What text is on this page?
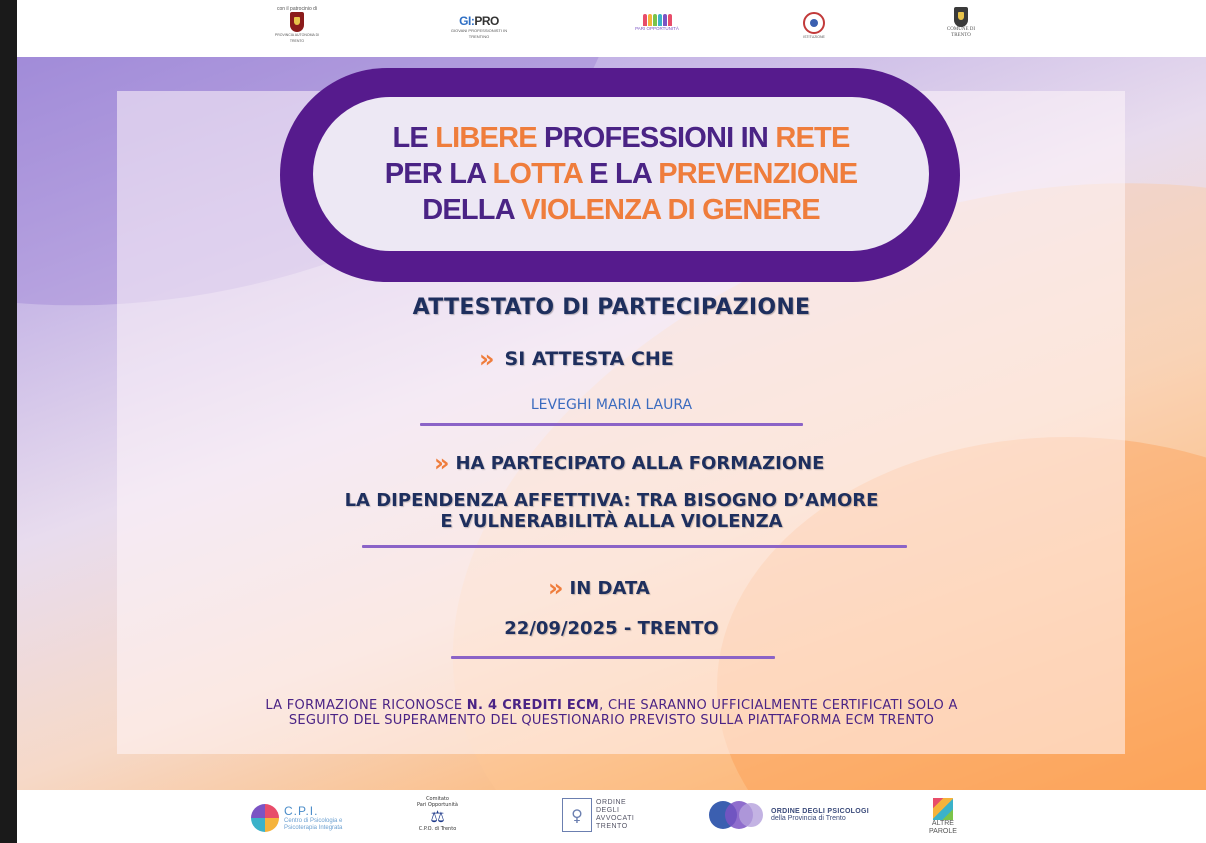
con il patrocinio di
PROVINCIA AUTONOMA DI TRENTO
GI:PRO
GIOVANI PROFESSIONISTI IN TRENTINO
PARI OPPORTUNITÀ
ISTITUZIONE
COMUNE DI TRENTO
LE LIBERE PROFESSIONI IN RETE
PER LA LOTTA E LA PREVENZIONE
DELLA VIOLENZA DI GENERE
ATTESTATO DI PARTECIPAZIONE
» SI ATTESTA CHE
LEVEGHI MARIA LAURA
» HA PARTECIPATO ALLA FORMAZIONE
LA DIPENDENZA AFFETTIVA: TRA BISOGNO D’AMORE
E VULNERABILITÀ ALLA VIOLENZA
» IN DATA
22/09/2025 - TRENTO
LA FORMAZIONE RICONOSCE N. 4 CREDITI ECM, CHE SARANNO UFFICIALMENTE CERTIFICATI SOLO A
SEGUITO DEL SUPERAMENTO DEL QUESTIONARIO PREVISTO SULLA PIATTAFORMA ECM TRENTO
C.P.I.
Centro di Psicologia e
Psicoterapia Integrata
Comitato
Pari Opportunità
⚖
C.P.O. di Trento
♀
ORDINE
DEGLI
AVVOCATI
TRENTO
ORDINE DEGLI PSICOLOGI
della Provincia di Trento
ALTRE
PAROLE
